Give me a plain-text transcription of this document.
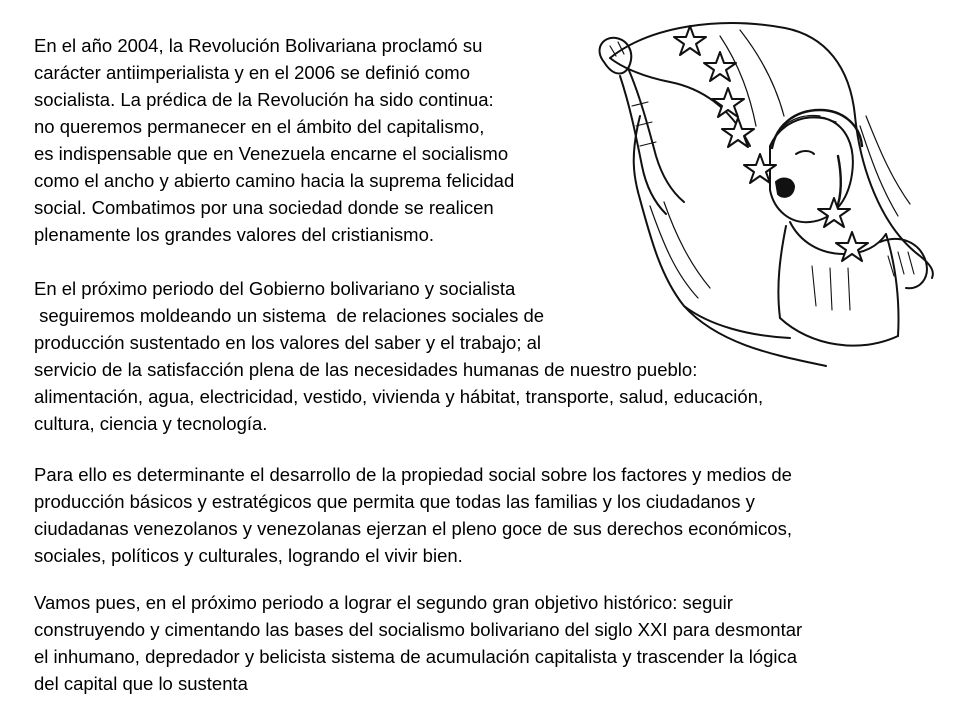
En el año 2004, la Revolución Bolivariana proclamó su
carácter antiimperialista y en el 2006 se definió como
socialista. La prédica de la Revolución ha sido continua:
no queremos permanecer en el ámbito del capitalismo,
es indispensable que en Venezuela encarne el socialismo
como el ancho y abierto camino hacia la suprema felicidad
social. Combatimos por una sociedad donde se realicen
plenamente los grandes valores del cristianismo.

En el próximo periodo del Gobierno bolivariano y socialista
seguiremos moldeando un sistema  de relaciones sociales de
producción sustentado en los valores del saber y el trabajo; al
servicio de la satisfacción plena de las necesidades humanas de nuestro pueblo:
alimentación, agua, electricidad, vestido, vivienda y hábitat, transporte, salud, educación,
cultura, ciencia y tecnología.

Para ello es determinante el desarrollo de la propiedad social sobre los factores y medios de
producción básicos y estratégicos que permita que todas las familias y los ciudadanos y
ciudadanas venezolanos y venezolanas ejerzan el pleno goce de sus derechos económicos,
sociales, políticos y culturales, logrando el vivir bien.

Vamos pues, en el próximo periodo a lograr el segundo gran objetivo histórico: seguir
construyendo y cimentando las bases del socialismo bolivariano del siglo XXI para desmontar
el inhumano, depredador y belicista sistema de acumulación capitalista y trascender la lógica
del capital que lo sustenta
